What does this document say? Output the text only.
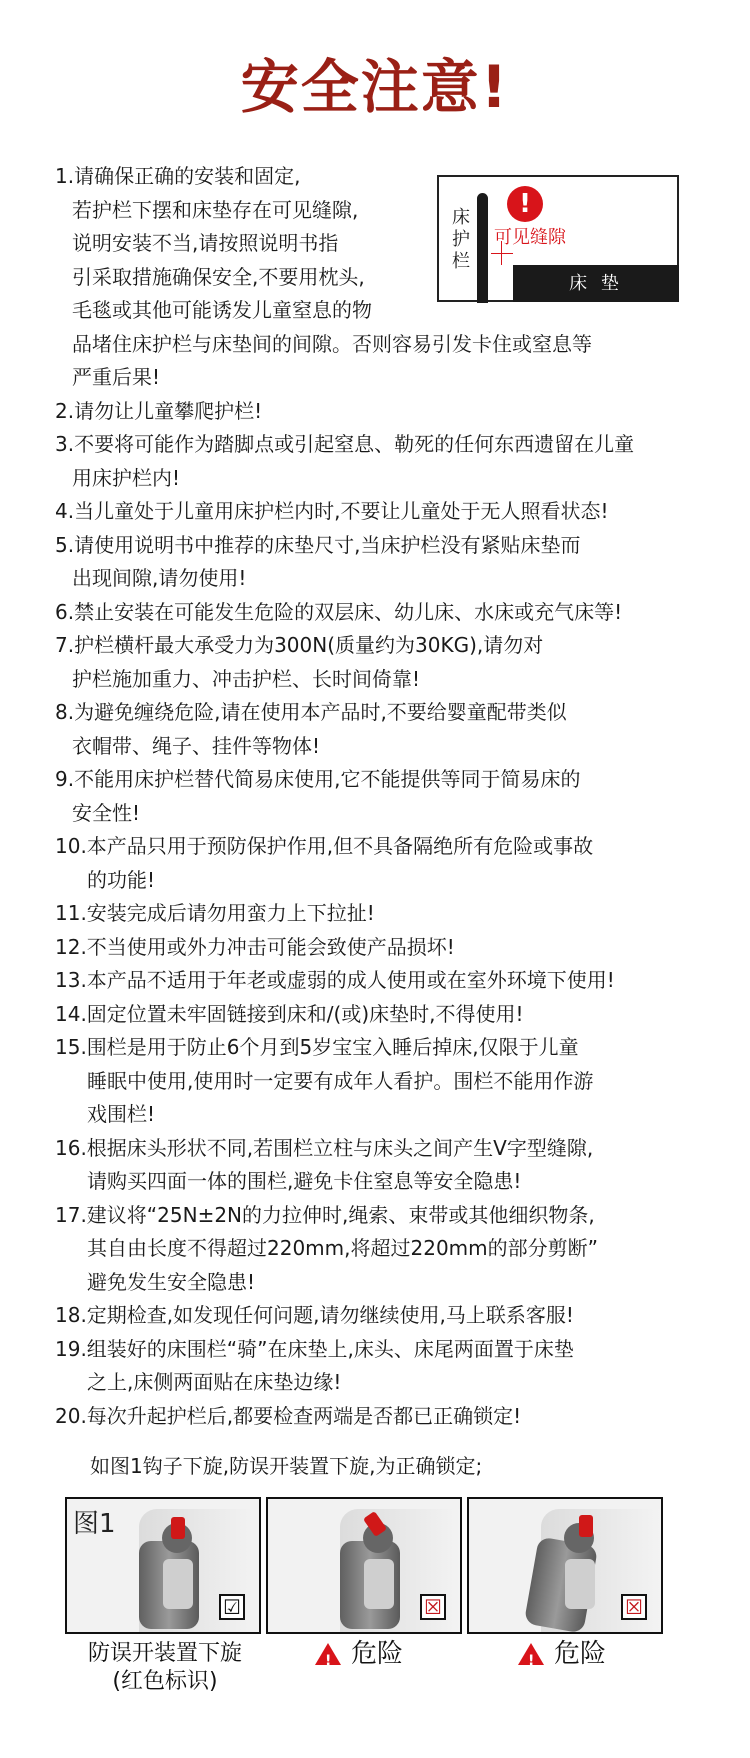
安全注意!
1.请确保正确的安装和固定,
若护栏下摆和床垫存在可见缝隙,
说明安装不当,请按照说明书指
引采取措施确保安全,不要用枕头,
毛毯或其他可能诱发儿童窒息的物
品堵住床护栏与床垫间的间隙。否则容易引发卡住或窒息等
严重后果!
2.请勿让儿童攀爬护栏!
3.不要将可能作为踏脚点或引起窒息、勒死的任何东西遗留在儿童
用床护栏内!
4.当儿童处于儿童用床护栏内时,不要让儿童处于无人照看状态!
5.请使用说明书中推荐的床垫尺寸,当床护栏没有紧贴床垫而
出现间隙,请勿使用!
6.禁止安装在可能发生危险的双层床、幼儿床、水床或充气床等!
7.护栏横杆最大承受力为300N(质量约为30KG),请勿对
护栏施加重力、冲击护栏、长时间倚靠!
8.为避免缠绕危险,请在使用本产品时,不要给婴童配带类似
衣帽带、绳子、挂件等物体!
9.不能用床护栏替代简易床使用,它不能提供等同于简易床的
安全性!
10.本产品只用于预防保护作用,但不具备隔绝所有危险或事故
的功能!
11.安装完成后请勿用蛮力上下拉扯!
12.不当使用或外力冲击可能会致使产品损坏!
13.本产品不适用于年老或虚弱的成人使用或在室外环境下使用!
14.固定位置未牢固链接到床和/(或)床垫时,不得使用!
15.围栏是用于防止6个月到5岁宝宝入睡后掉床,仅限于儿童
睡眠中使用,使用时一定要有成年人看护。围栏不能用作游
戏围栏!
16.根据床头形状不同,若围栏立柱与床头之间产生V字型缝隙,
请购买四面一体的围栏,避免卡住窒息等安全隐患!
17.建议将“25N±2N的力拉伸时,绳索、束带或其他细织物条,
其自由长度不得超过220mm,将超过220mm的部分剪断”
避免发生安全隐患!
18.定期检查,如发现任何问题,请勿继续使用,马上联系客服!
19.组装好的床围栏“骑”在床垫上,床头、床尾两面置于床垫
之上,床侧两面贴在床垫边缘!
20.每次升起护栏后,都要检查两端是否都已正确锁定!
床护栏
!
可见缝隙
床 垫
如图1钩子下旋,防误开装置下旋,为正确锁定;
图1
☑	☒	☒
防误开装置下旋
(红色标识)
! 危险	! 危险
